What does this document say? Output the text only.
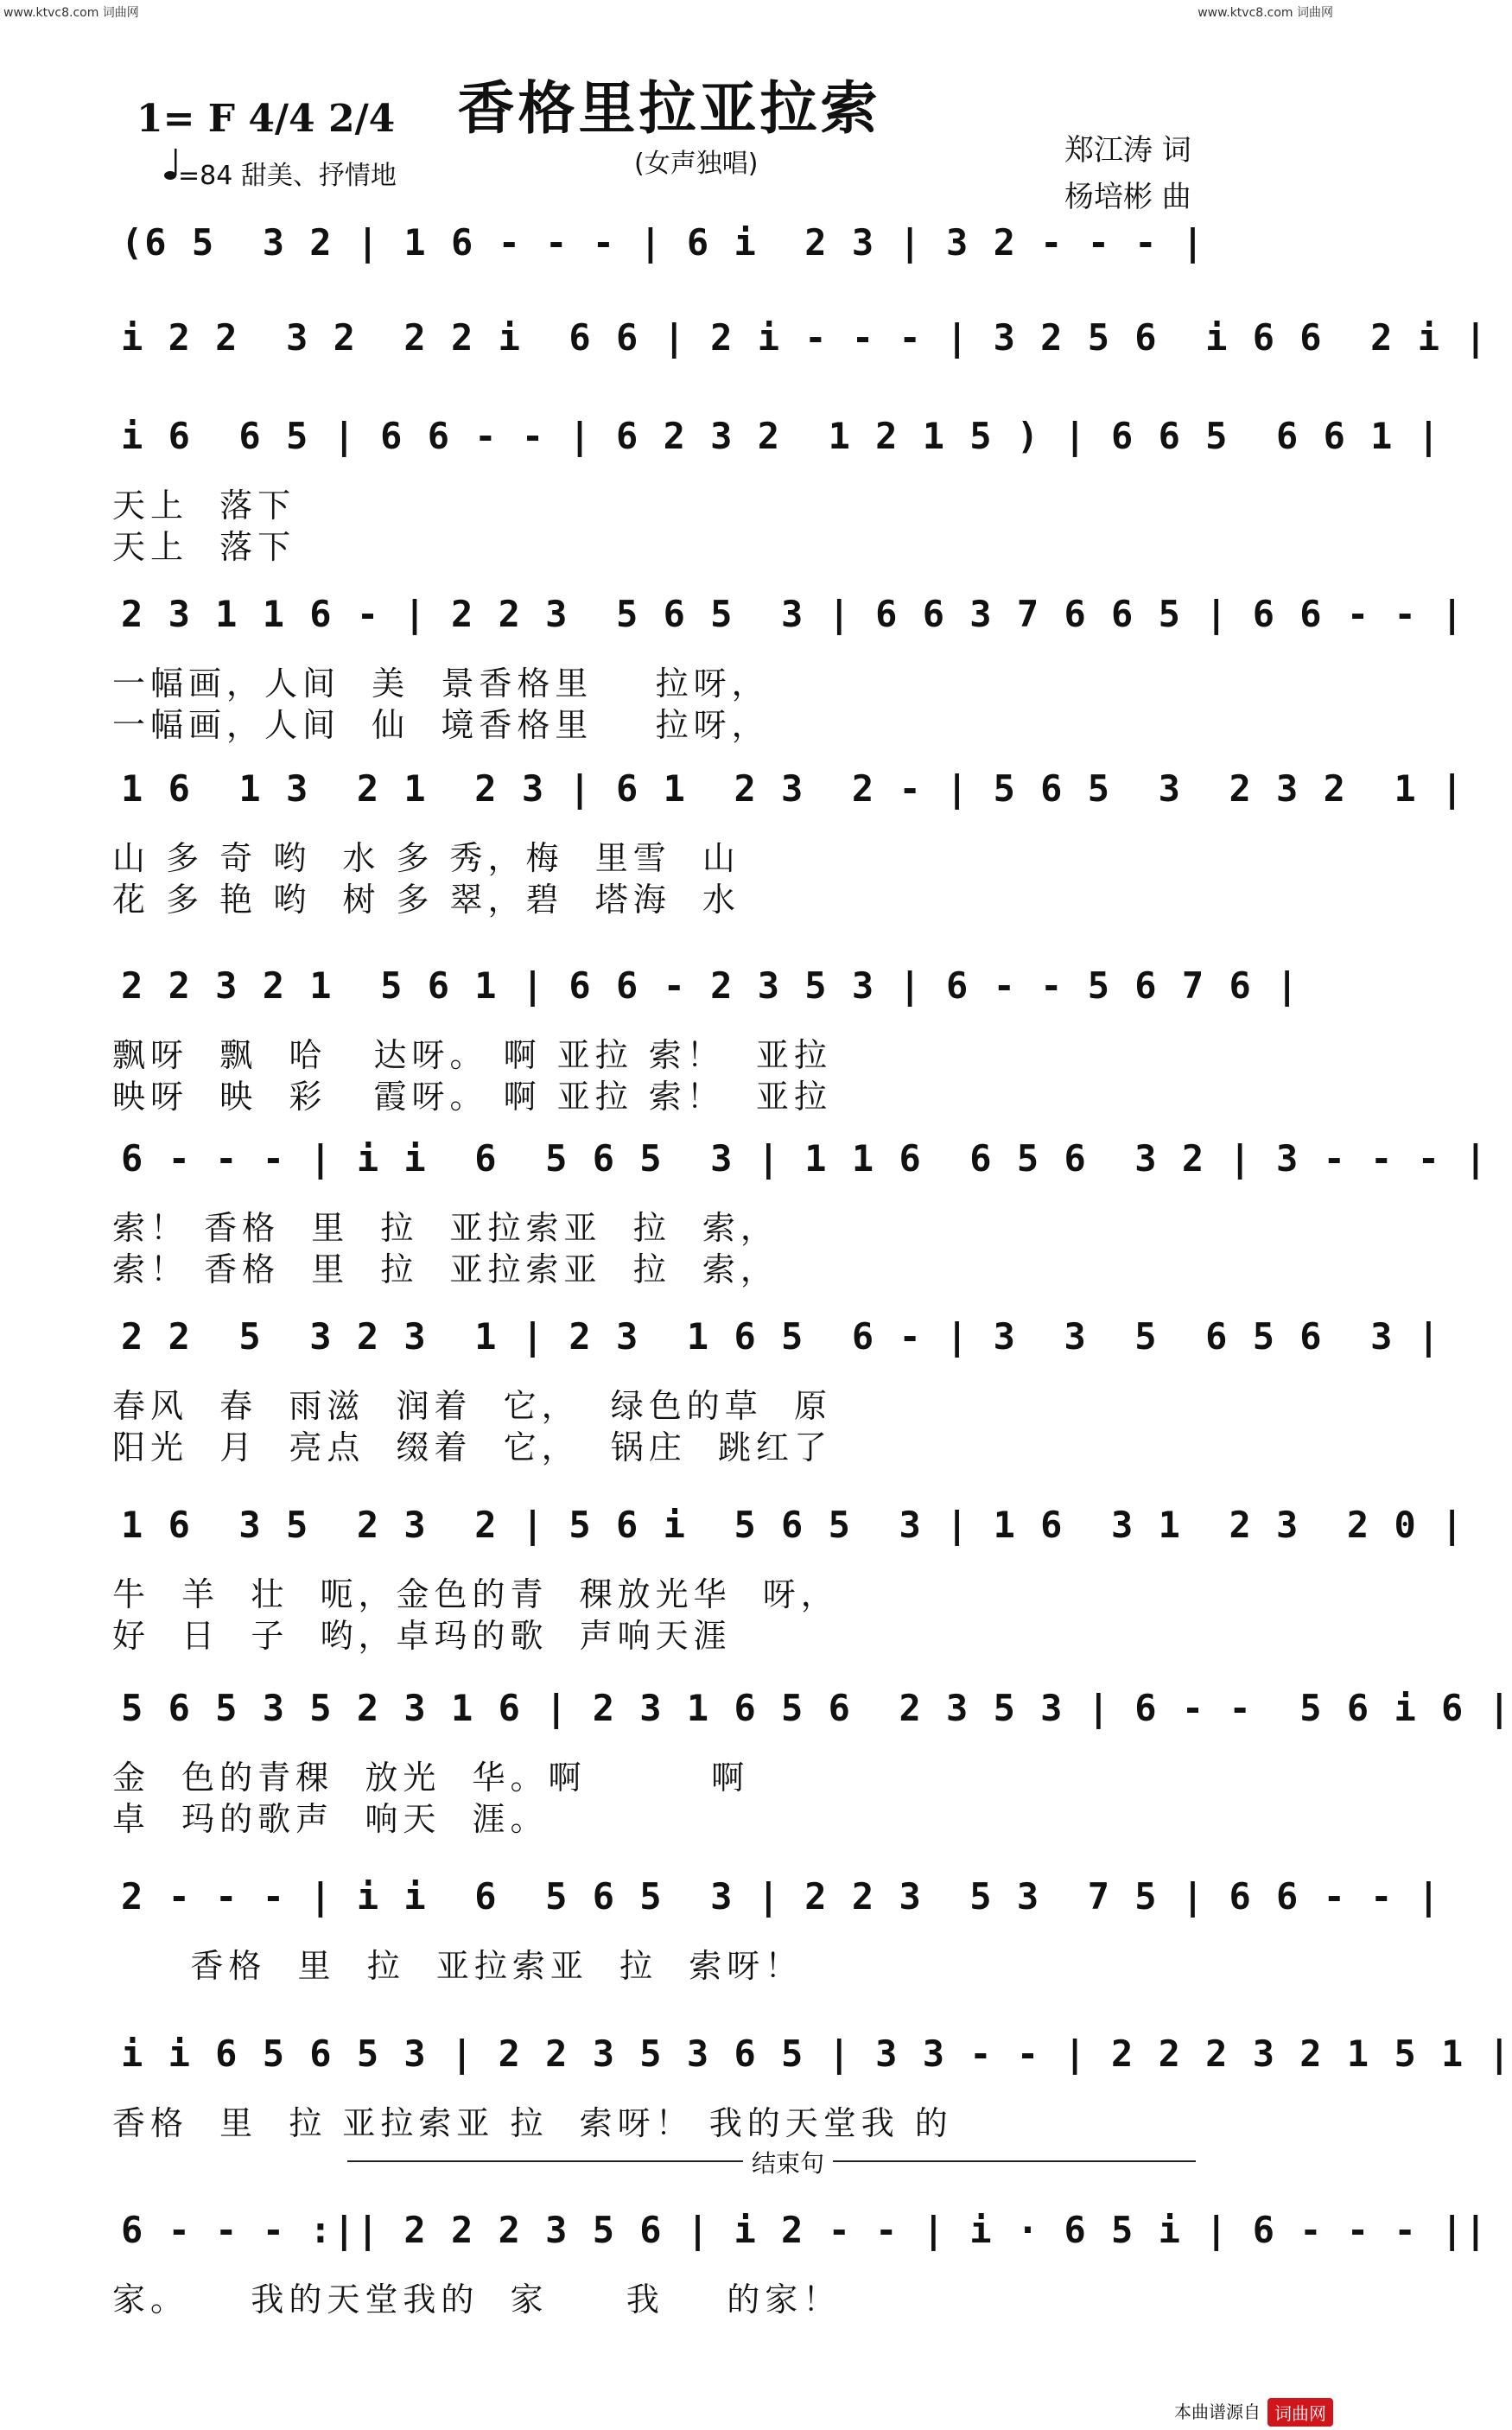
www.ktvc8.com 词曲网	www.ktvc8.com 词曲网
香格里拉亚拉索
(女声独唱)
1= F 4/4 2/4
=84 甜美、抒情地
郑江涛 词
杨培彬 曲
(6 5  3 2 | 1 6 - - - | 6 i  2 3 | 3 2 - - - |
i 2 2  3 2  2 2 i  6 6 | 2 i - - - | 3 2 5 6  i 6 6  2 i |
i 6  6 5 | 6 6 - - | 6 2 3 2  1 2 1 5 ) | 6 6 5  6 6 1 |
天上  落下
天上  落下
2 3 1 1 6 - | 2 2 3  5 6 5  3 | 6 6 3 7 6 6 5 | 6 6 - - |
一幅画，人间  美  景香格里    拉呀，
一幅画，人间  仙  境香格里    拉呀，
1 6  1 3  2 1  2 3 | 6 1  2 3  2 - | 5 6 5  3  2 3 2  1 |
山 多 奇 哟  水 多 秀，梅  里雪  山
花 多 艳 哟  树 多 翠，碧  塔海  水
2 2 3 2 1  5 6 1 | 6 6 - 2 3 5 3 | 6 - - 5 6 7 6 |
飘呀  飘  哈   达呀。 啊 亚拉 索！  亚拉
映呀  映  彩   霞呀。 啊 亚拉 索！  亚拉
6 - - - | i i  6  5 6 5  3 | 1 1 6  6 5 6  3 2 | 3 - - - |
索！ 香格  里  拉  亚拉索亚  拉  索，
索！ 香格  里  拉  亚拉索亚  拉  索，
2 2  5  3 2 3  1 | 2 3  1 6 5  6 - | 3  3  5  6 5 6  3 |
春风  春  雨滋  润着  它，  绿色的草  原
阳光  月  亮点  缀着  它，  锅庄  跳红了
1 6  3 5  2 3  2 | 5 6 i  5 6 5  3 | 1 6  3 1  2 3  2 0 |
牛  羊  壮  呃，金色的青  稞放光华  呀，
好  日  子  哟，卓玛的歌  声响天涯
5 6 5 3 5 2 3 1 6 | 2 3 1 6 5 6  2 3 5 3 | 6 - -  5 6 i 6 |
金  色的青稞  放光  华。啊        啊
卓  玛的歌声  响天  涯。
2 - - - | i i  6  5 6 5  3 | 2 2 3  5 3  7 5 | 6 6 - - |
香格  里  拉  亚拉索亚  拉  索呀！
i i 6 5 6 5 3 | 2 2 3 5 3 6 5 | 3 3 - - | 2 2 2 3 2 1 5 1 |
香格  里  拉 亚拉索亚 拉  索呀！ 我的天堂我 的
6 - - - :|| 2 2 2 3 5 6 | i 2 - - | i · 6 5 i | 6 - - - ||
家。    我的天堂我的  家     我    的家！
结束句
本曲谱源自 词曲网
